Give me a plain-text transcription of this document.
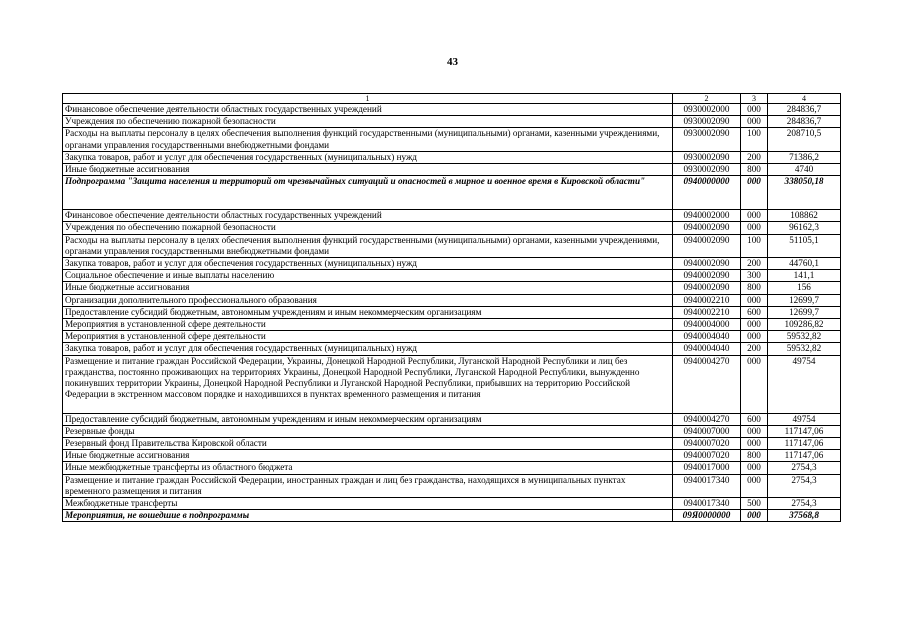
43
1	2	3	4
Финансовое обеспечение деятельности областных государственных учреждений	0930002000	000	284836,7
Учреждения по обеспечению пожарной безопасности	0930002090	000	284836,7
Расходы на выплаты персоналу в целях обеспечения выполнения функций государственными (муниципальными) органами, казенными учреждениями, органами управления государственными внебюджетными фондами	0930002090	100	208710,5
Закупка товаров, работ и услуг для обеспечения государственных (муниципальных) нужд	0930002090	200	71386,2
Иные бюджетные ассигнования	0930002090	800	4740
Подпрограмма "Защита населения и территорий от чрезвычайных ситуаций и опасностей в мирное и военное время в Кировской области"	0940000000	000	338050,18
Финансовое обеспечение деятельности областных государственных учреждений	0940002000	000	108862
Учреждения по обеспечению пожарной безопасности	0940002090	000	96162,3
Расходы на выплаты персоналу в целях обеспечения выполнения функций государственными (муниципальными) органами, казенными учреждениями, органами управления государственными внебюджетными фондами	0940002090	100	51105,1
Закупка товаров, работ и услуг для обеспечения государственных (муниципальных) нужд	0940002090	200	44760,1
Социальное обеспечение и иные выплаты населению	0940002090	300	141,1
Иные бюджетные ассигнования	0940002090	800	156
Организации дополнительного профессионального образования	0940002210	000	12699,7
Предоставление субсидий бюджетным, автономным учреждениям и иным некоммерческим организациям	0940002210	600	12699,7
Мероприятия в установленной сфере деятельности	0940004000	000	109286,82
Мероприятия в установленной сфере деятельности	0940004040	000	59532,82
Закупка товаров, работ и услуг для обеспечения государственных (муниципальных) нужд	0940004040	200	59532,82
Размещение и питание граждан Российской Федерации, Украины, Донецкой Народной Республики, Луганской Народной Республики и лиц без гражданства, постоянно проживающих на территориях Украины, Донецкой Народной Республики, Луганской Народной Республики, вынужденно покинувших территории Украины, Донецкой Народной Республики и Луганской Народной Республики, прибывших на территорию Российской Федерации в экстренном массовом порядке и находившихся в пунктах временного размещения и питания	0940004270	000	49754
Предоставление субсидий бюджетным, автономным учреждениям и иным некоммерческим организациям	0940004270	600	49754
Резервные фонды	0940007000	000	117147,06
Резервный фонд Правительства Кировской области	0940007020	000	117147,06
Иные бюджетные ассигнования	0940007020	800	117147,06
Иные межбюджетные трансферты из областного бюджета	0940017000	000	2754,3
Размещение и питание граждан Российской Федерации, иностранных граждан и лиц без гражданства, находящихся в муниципальных пунктах временного размещения и питания	0940017340	000	2754,3
Межбюджетные трансферты	0940017340	500	2754,3
Мероприятия, не вошедшие в подпрограммы	09Я0000000	000	37568,8
